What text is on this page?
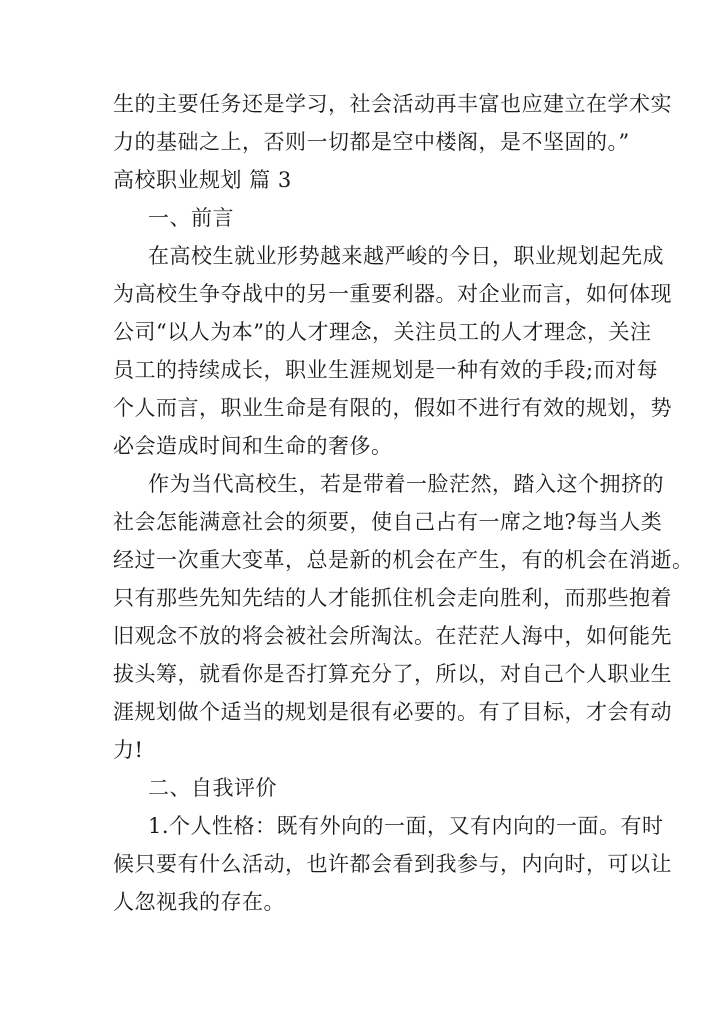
生的主要任务还是学习，社会活动再丰富也应建立在学术实
力的基础之上，否则一切都是空中楼阁，是不坚固的。”
高校职业规划 篇 3
一、前言
在高校生就业形势越来越严峻的今日，职业规划起先成
为高校生争夺战中的另一重要利器。对企业而言，如何体现
公司“以人为本”的人才理念，关注员工的人才理念，关注
员工的持续成长，职业生涯规划是一种有效的手段;而对每
个人而言，职业生命是有限的，假如不进行有效的规划，势
必会造成时间和生命的奢侈。
作为当代高校生，若是带着一脸茫然，踏入这个拥挤的
社会怎能满意社会的须要，使自己占有一席之地?每当人类
经过一次重大变革，总是新的机会在产生，有的机会在消逝。
只有那些先知先结的人才能抓住机会走向胜利，而那些抱着
旧观念不放的将会被社会所淘汰。在茫茫人海中，如何能先
拔头筹，就看你是否打算充分了，所以，对自己个人职业生
涯规划做个适当的规划是很有必要的。有了目标，才会有动
力!
二、自我评价
1.个人性格：既有外向的一面，又有内向的一面。有时
候只要有什么活动，也许都会看到我参与，内向时，可以让
人忽视我的存在。
